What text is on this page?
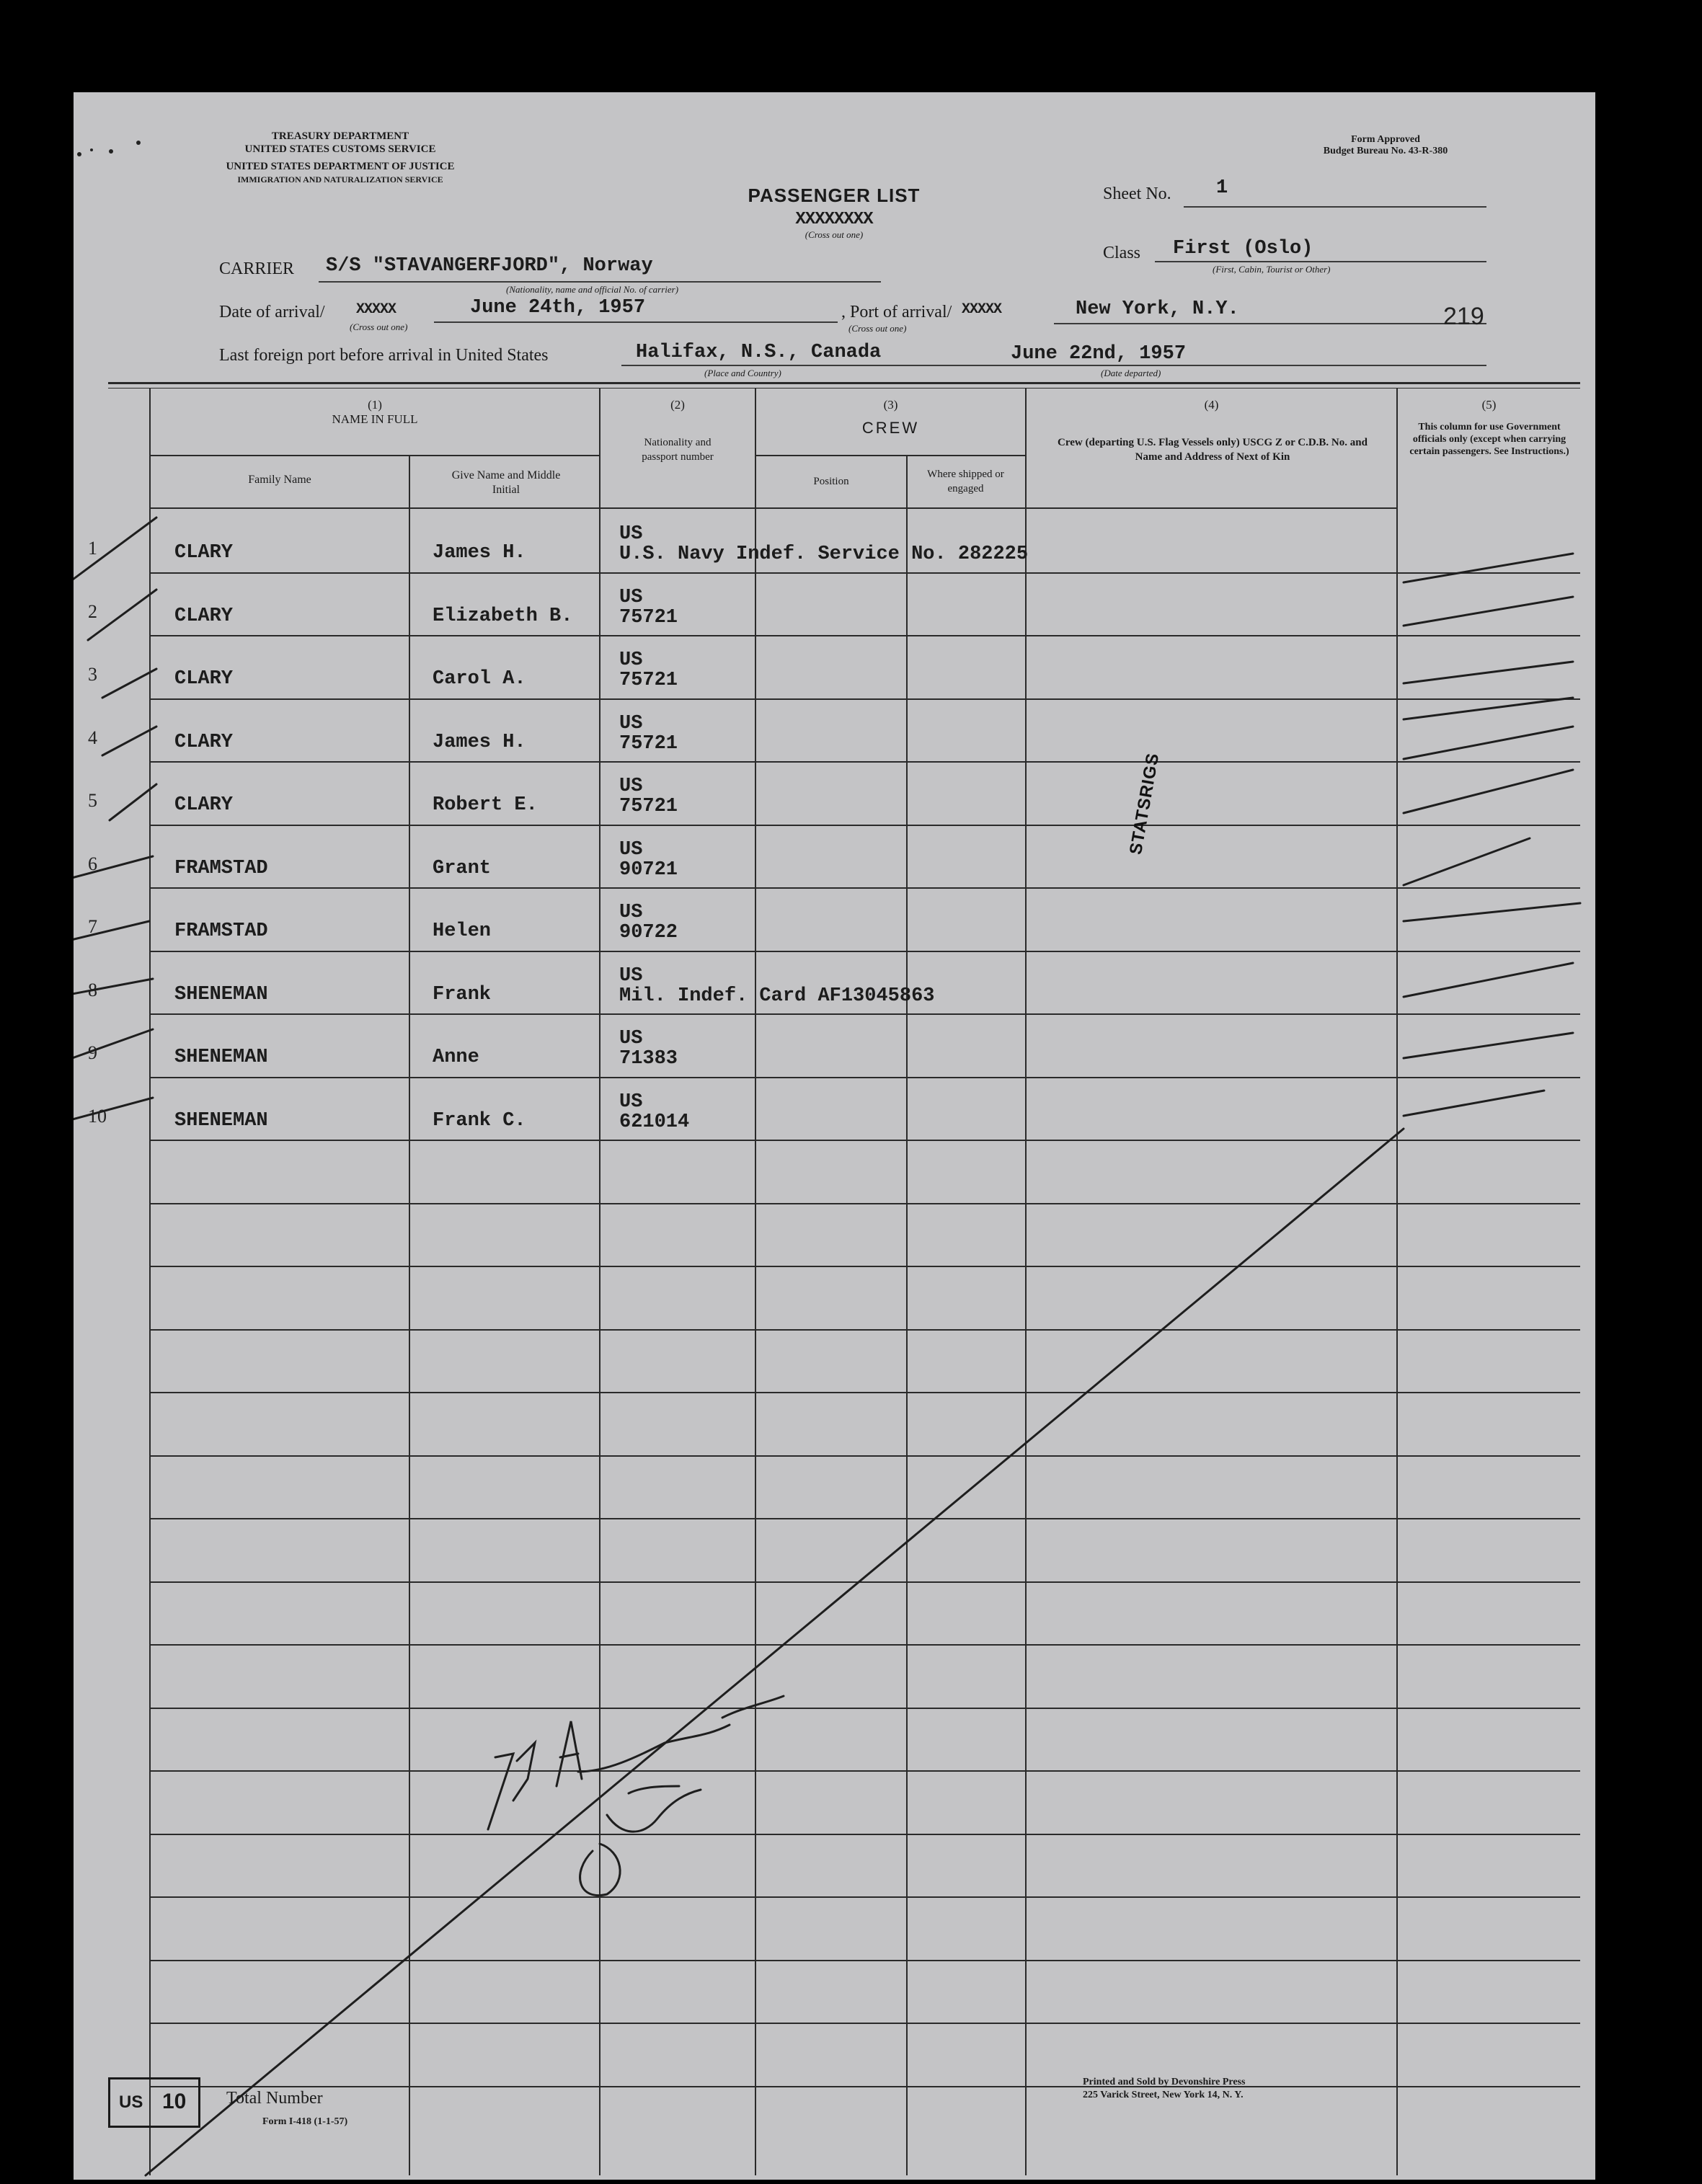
TREASURY DEPARTMENT
UNITED STATES CUSTOMS SERVICE
UNITED STATES DEPARTMENT OF JUSTICE
IMMIGRATION AND NATURALIZATION SERVICE
Form Approved
Budget Bureau No. 43-R-380
PASSENGER LIST
XXXXXXXX
(Cross out one)
Sheet No. 1
CARRIER S/S "STAVANGERFJORD", Norway
(Nationality, name and official No. of carrier)
Class First (Oslo)
(First, Cabin, Tourist or Other)
Date of arrival/ XXXXX
(Cross out one)
June 24th, 1957	, Port of arrival/ XXXXX
(Cross out one)
New York, N.Y.	219
Last foreign port before arrival in United States	Halifax, N.S., Canada
(Place and Country)
June 22nd, 1957
(Date departed)
(1)
NAME IN FULL
Family Name	Give Name and Middle Initial
(2)
Nationality and passport number
(3)
CREW
Position
Where shipped or engaged
(4)
Crew (departing U.S. Flag Vessels only) USCG Z or C.D.B. No. and Name and Address of Next of Kin
(5)
This column for use Government officials only (except when carrying certain passengers. See Instructions.)
1	CLARY	James H.
US
U.S. Navy Indef. Service No. 282225
2	CLARY	Elizabeth B.
US
75721
3	CLARY	Carol A.
US
75721
4	CLARY	James H.
US
75721
5	CLARY	Robert E.
US
75721
6	FRAMSTAD	Grant
US
90721
7	FRAMSTAD	Helen
US
90722
8	SHENEMAN	Frank
US
Mil. Indef. Card AF13045863
9	SHENEMAN	Anne
US
71383
10	SHENEMAN	Frank C.
US
621014
STATSRIGS
US 10 Total Number
Form I-418 (1-1-57)
Printed and Sold by Devonshire Press
225 Varick Street, New York 14, N. Y.
